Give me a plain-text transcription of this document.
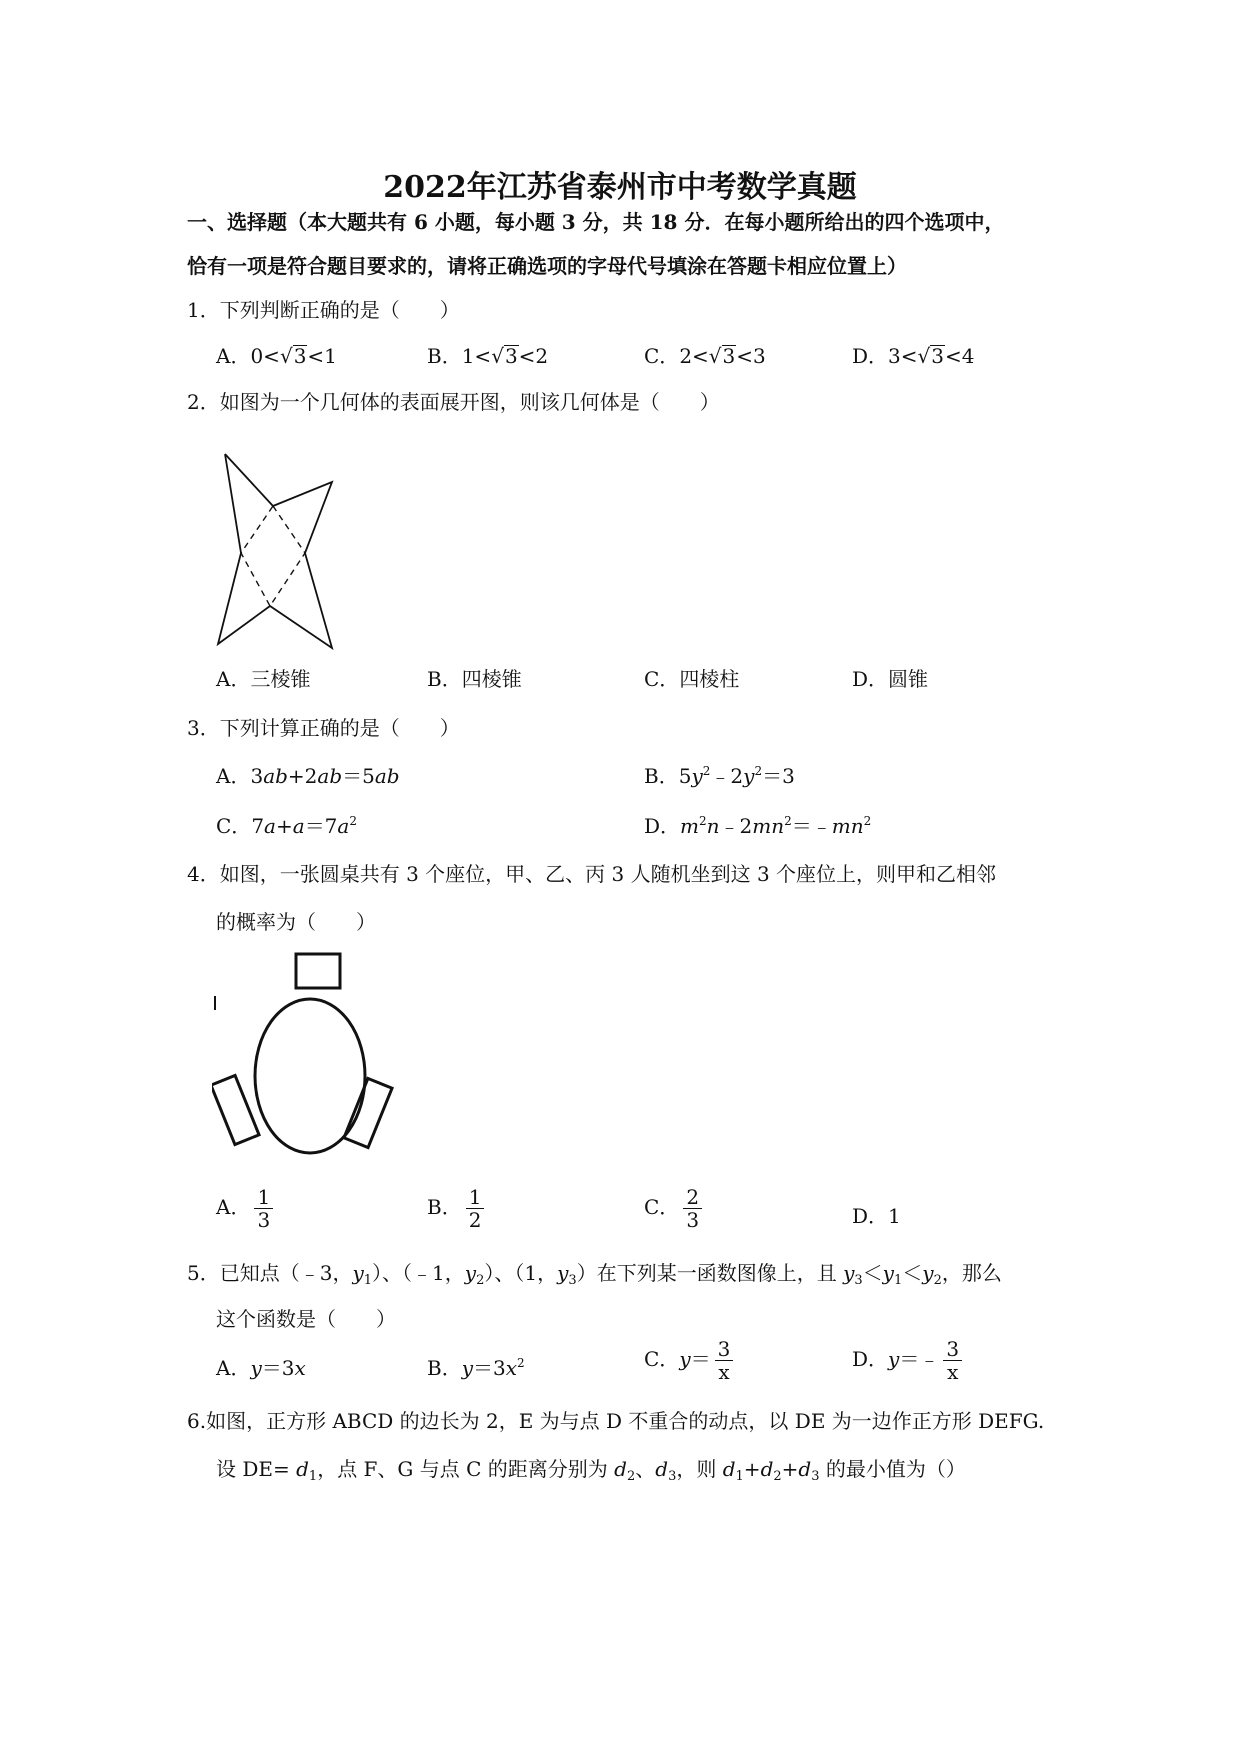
2022年江苏省泰州市中考数学真题
一、选择题（本大题共有 6 小题，每小题 3 分，共 18 分．在每小题所给出的四个选项中，
恰有一项是符合题目要求的，请将正确选项的字母代号填涂在答题卡相应位置上）
1．下列判断正确的是（　　）
A．0<√3<1	B．1<√3<2	C．2<√3<3	D．3<√3<4
2．如图为一个几何体的表面展开图，则该几何体是（　　）
A．三棱锥	B．四棱锥	C．四棱柱	D．圆锥
3．下列计算正确的是（　　）
A．3ab+2ab＝5ab	B．$5y^2﹣2y^2=3$
C．$7a+a=7a^2$	D．$m^2n﹣2mn^2=﹣mn^2$
4．如图，一张圆桌共有 3 个座位，甲、乙、丙 3 人随机坐到这 3 个座位上，则甲和乙相邻
的概率为（　　）
A． $\frac{1}{3}$	B． $\frac{1}{2}$	C． $\frac{2}{3}$	D．1
5．已知点（﹣3，$y_1$）、（﹣1，$y_2$）、（1，$y_3$）在下列某一函数图像上，且 $y_3<y_1<y_2$，那么
这个函数是（　　）
A．y＝3x	B．$y=3x^2$	C．$y= \frac{3}{x}$	D．y＝﹣ $\frac{3}{x}$
6.如图，正方形 ABCD 的边长为 2，E 为与点 D 不重合的动点，以 DE 为一边作正方形 DEFG.
设 $DE= d_1$，点 F、G 与点 C 的距离分别为 $d_2$、$d_3$，则 $d_1+d_2+d_3$ 的最小值为（）
